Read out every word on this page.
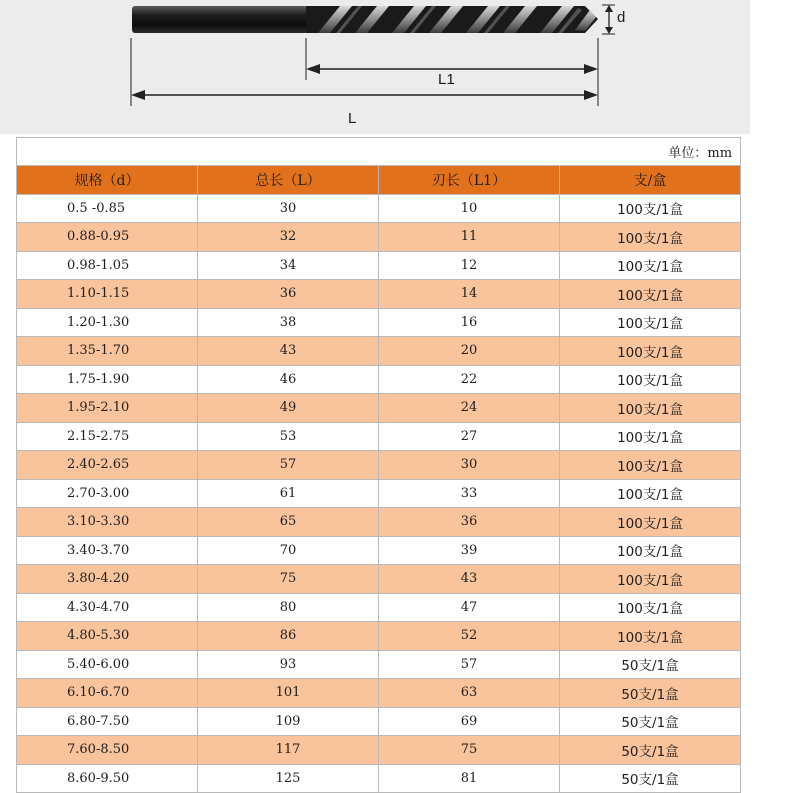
d
L1
L
单位：mm			
规格（d）	总长（L）	刃长（L1）	支/盒
0.5 -0.85	30	10	100支/1盒
0.88-0.95	32	11	100支/1盒
0.98-1.05	34	12	100支/1盒
1.10-1.15	36	14	100支/1盒
1.20-1.30	38	16	100支/1盒
1.35-1.70	43	20	100支/1盒
1.75-1.90	46	22	100支/1盒
1.95-2.10	49	24	100支/1盒
2.15-2.75	53	27	100支/1盒
2.40-2.65	57	30	100支/1盒
2.70-3.00	61	33	100支/1盒
3.10-3.30	65	36	100支/1盒
3.40-3.70	70	39	100支/1盒
3.80-4.20	75	43	100支/1盒
4.30-4.70	80	47	100支/1盒
4.80-5.30	86	52	100支/1盒
5.40-6.00	93	57	50支/1盒
6.10-6.70	101	63	50支/1盒
6.80-7.50	109	69	50支/1盒
7.60-8.50	117	75	50支/1盒
8.60-9.50	125	81	50支/1盒
